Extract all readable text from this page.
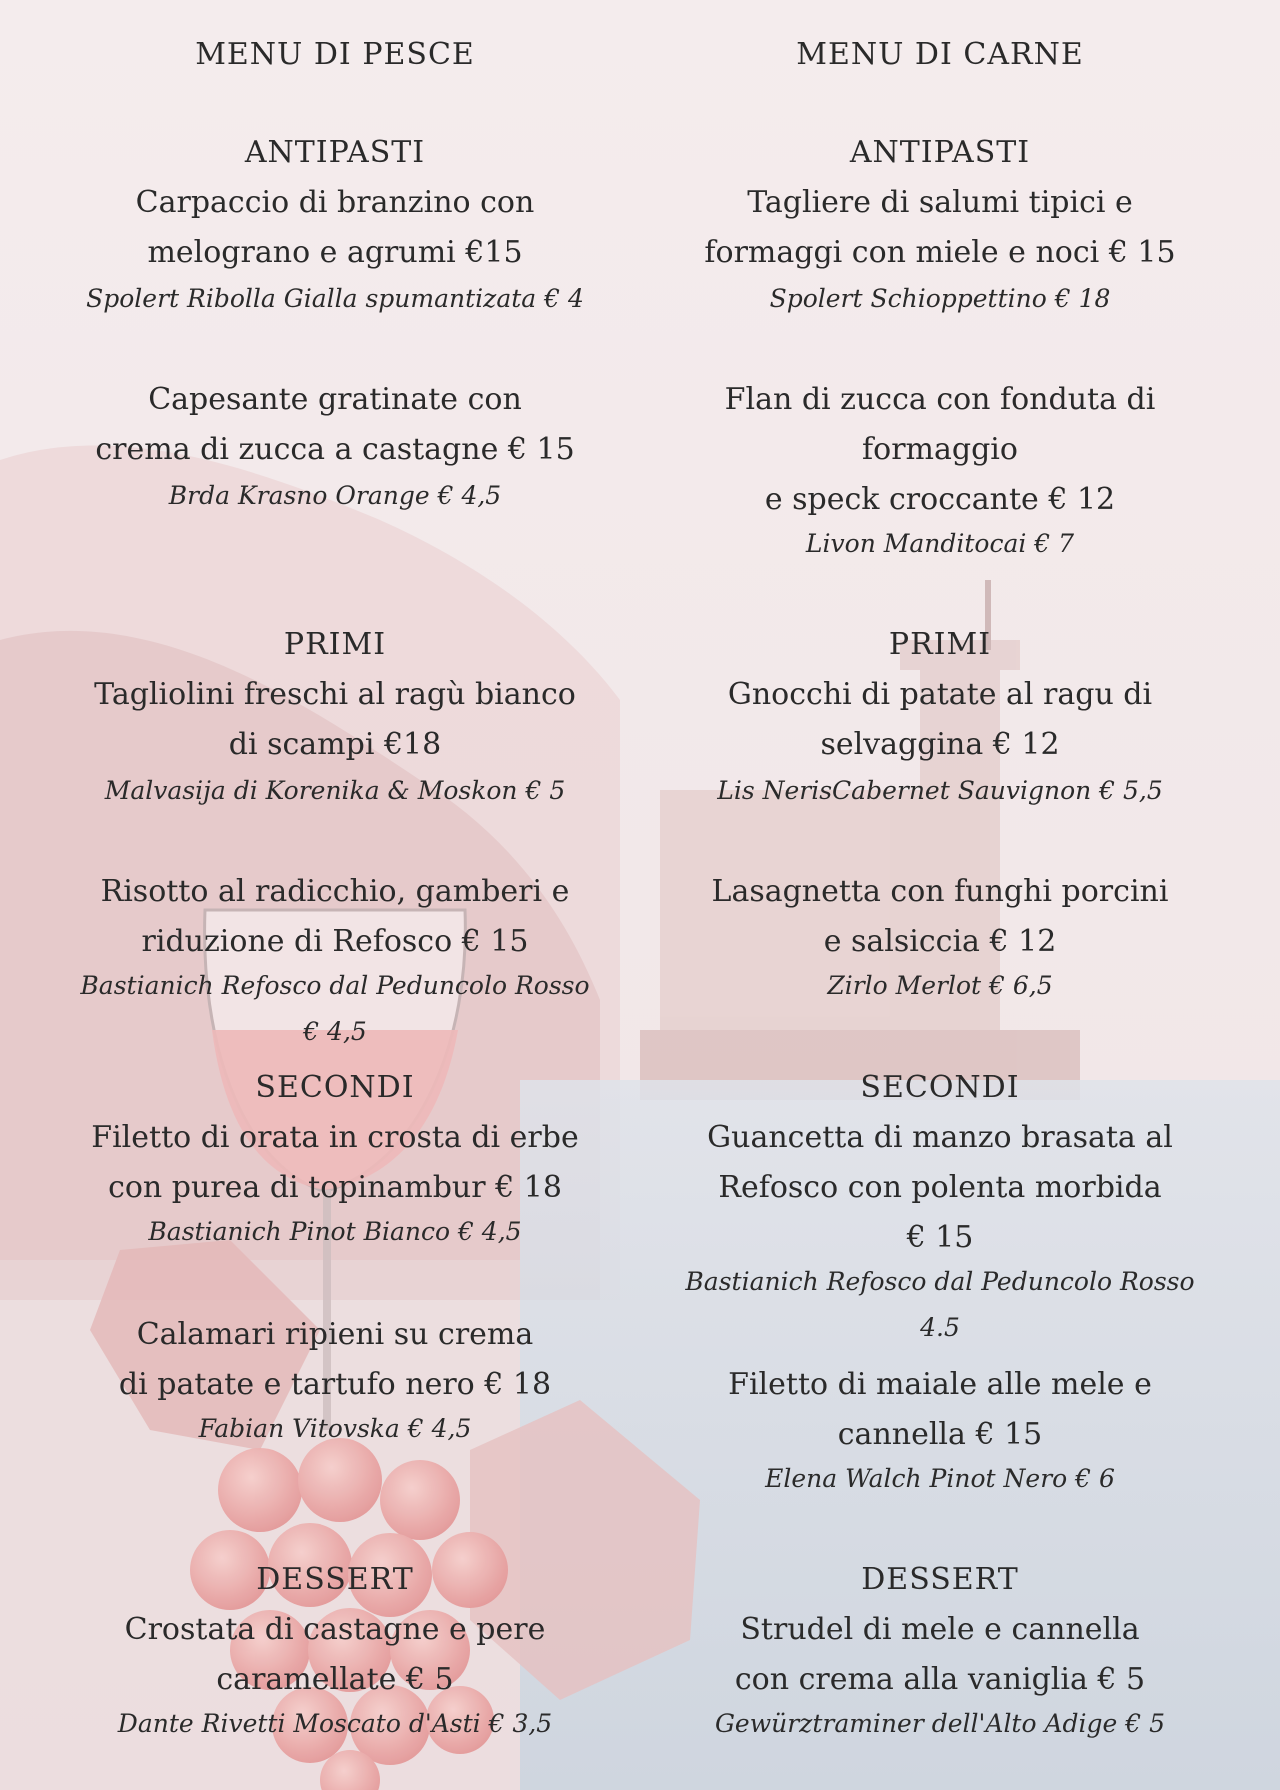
MENU DI PESCE
ANTIPASTI
Carpaccio di branzino con
melograno e agrumi €15
Spolert Ribolla Gialla spumantizata € 4
Capesante gratinate con
crema di zucca a castagne € 15
Brda Krasno Orange € 4,5
PRIMI
Tagliolini freschi al ragù bianco
di scampi €18
Malvasija di Korenika & Moskon € 5
Risotto al radicchio, gamberi e
riduzione di Refosco € 15
Bastianich Refosco dal Peduncolo Rosso
€ 4,5
SECONDI
Filetto di orata in crosta di erbe
con purea di topinambur € 18
Bastianich Pinot Bianco € 4,5
Calamari ripieni su crema
di patate e tartufo nero € 18
Fabian Vitovska € 4,5
DESSERT
Crostata di castagne e pere
caramellate € 5
Dante Rivetti Moscato d'Asti € 3,5
MENU DI CARNE
ANTIPASTI
Tagliere di salumi tipici e
formaggi con miele e noci € 15
Spolert Schioppettino € 18
Flan di zucca con fonduta di
formaggio
e speck croccante € 12
Livon Manditocai € 7
PRIMI
Gnocchi di patate al ragu di
selvaggina € 12
Lis NerisCabernet Sauvignon € 5,5
Lasagnetta con funghi porcini
e salsiccia € 12
Zirlo Merlot € 6,5
SECONDI
Guancetta di manzo brasata al
Refosco con polenta morbida
€ 15
Bastianich Refosco dal Peduncolo Rosso
4.5
Filetto di maiale alle mele e
cannella € 15
Elena Walch Pinot Nero € 6
DESSERT
Strudel di mele e cannella
con crema alla vaniglia € 5
Gewürztraminer dell'Alto Adige € 5
